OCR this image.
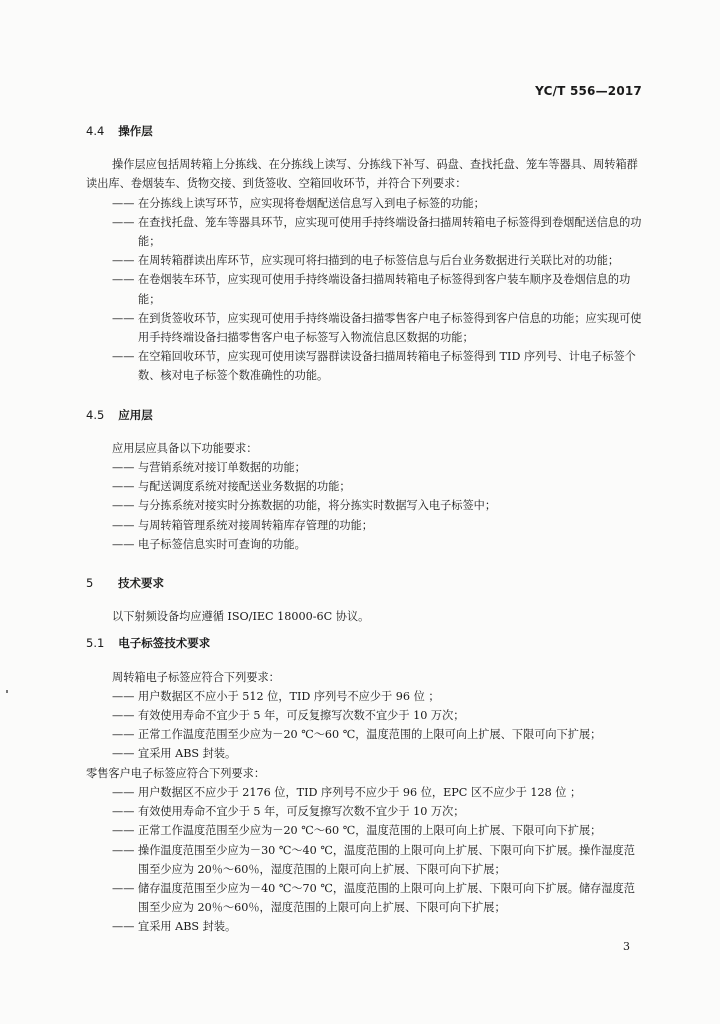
YC/T 556—2017
4.4 操作层

操作层应包括周转箱上分拣线、在分拣线上读写、分拣线下补写、码盘、查找托盘、笼车等器具、周转箱群读出库、卷烟装车、货物交接、到货签收、空箱回收环节，并符合下列要求：

—— 在分拣线上读写环节，应实现将卷烟配送信息写入到电子标签的功能；

—— 在查找托盘、笼车等器具环节，应实现可使用手持终端设备扫描周转箱电子标签得到卷烟配送信息的功能；

—— 在周转箱群读出库环节，应实现可将扫描到的电子标签信息与后台业务数据进行关联比对的功能；

—— 在卷烟装车环节，应实现可使用手持终端设备扫描周转箱电子标签得到客户装车顺序及卷烟信息的功能；

—— 在到货签收环节，应实现可使用手持终端设备扫描零售客户电子标签得到客户信息的功能；应实现可使用手持终端设备扫描零售客户电子标签写入物流信息区数据的功能；

—— 在空箱回收环节，应实现可使用读写器群读设备扫描周转箱电子标签得到 TID 序列号、计电子标签个数、核对电子标签个数准确性的功能。

4.5 应用层

应用层应具备以下功能要求：

—— 与营销系统对接订单数据的功能；

—— 与配送调度系统对接配送业务数据的功能；

—— 与分拣系统对接实时分拣数据的功能，将分拣实时数据写入电子标签中；

—— 与周转箱管理系统对接周转箱库存管理的功能；

—— 电子标签信息实时可查询的功能。

5	技术要求

以下射频设备均应遵循 ISO/IEC 18000-6C 协议。

5.1 电子标签技术要求

周转箱电子标签应符合下列要求：

—— 用户数据区不应小于 512 位，TID 序列号不应少于 96 位 ；

—— 有效使用寿命不宜少于 5 年，可反复擦写次数不宜少于 10 万次；

—— 正常工作温度范围至少应为－20 ℃～60 ℃，温度范围的上限可向上扩展、下限可向下扩展；

—— 宜采用 ABS 封装。

零售客户电子标签应符合下列要求：

—— 用户数据区不应少于 2176 位，TID 序列号不应少于 96 位，EPC 区不应少于 128 位 ；

—— 有效使用寿命不宜少于 5 年，可反复擦写次数不宜少于 10 万次；

—— 正常工作温度范围至少应为－20 ℃～60 ℃，温度范围的上限可向上扩展、下限可向下扩展；

—— 操作温度范围至少应为－30 ℃～40 ℃，温度范围的上限可向上扩展、下限可向下扩展。操作湿度范围至少应为 20％～60％，湿度范围的上限可向上扩展、下限可向下扩展；

—— 储存温度范围至少应为－40 ℃～70 ℃，温度范围的上限可向上扩展、下限可向下扩展。储存湿度范围至少应为 20％～60％，湿度范围的上限可向上扩展、下限可向下扩展；

—— 宜采用 ABS 封装。

3
